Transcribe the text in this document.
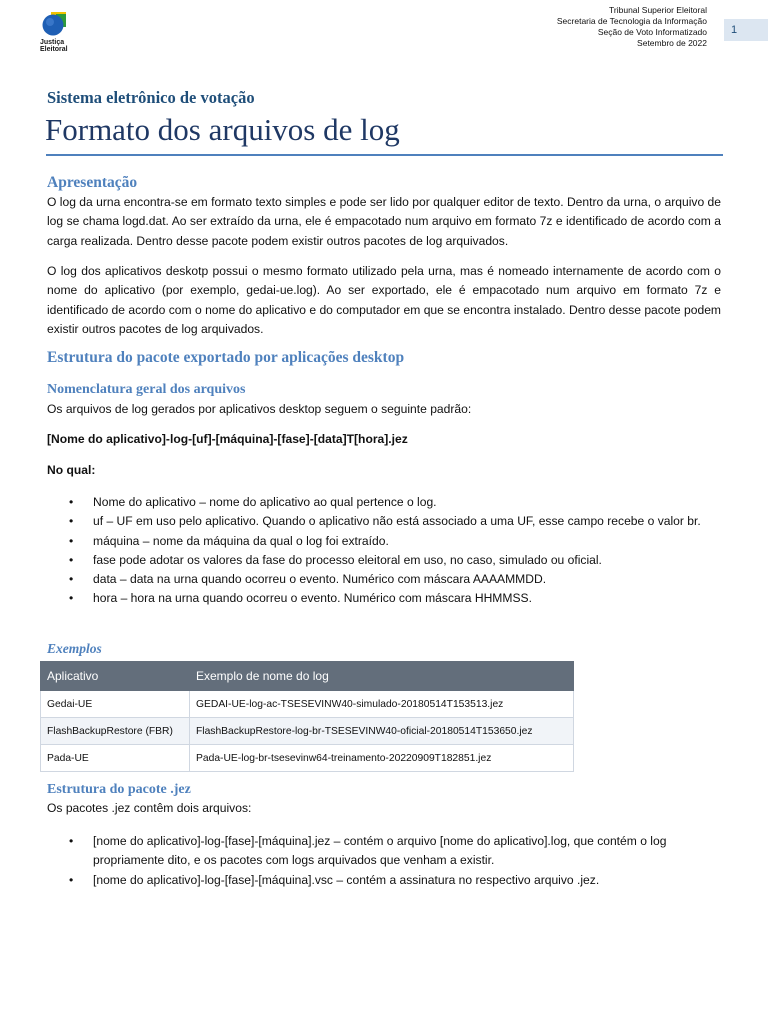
Justiça
Eleitoral
Tribunal Superior Eleitoral
Secretaria de Tecnologia da Informação
Seção de Voto Informatizado
Setembro de 2022
1
Sistema eletrônico de votação
Formato dos arquivos de log
Apresentação
O log da urna encontra-se em formato texto simples e pode ser lido por qualquer editor de texto. Dentro da urna, o arquivo de log se chama logd.dat. Ao ser extraído da urna, ele é empacotado num arquivo em formato 7z e identificado de acordo com a carga realizada. Dentro desse pacote podem existir outros pacotes de log arquivados.
O log dos aplicativos deskotp possui o mesmo formato utilizado pela urna, mas é nomeado internamente de acordo com o nome do aplicativo (por exemplo, gedai-ue.log). Ao ser exportado, ele é empacotado num arquivo em formato 7z e identificado de acordo com o nome do aplicativo e do computador em que se encontra instalado. Dentro desse pacote podem existir outros pacotes de log arquivados.
Estrutura do pacote exportado por aplicações desktop
Nomenclatura geral dos arquivos
Os arquivos de log gerados por aplicativos desktop seguem o seguinte padrão:
[Nome do aplicativo]-log-[uf]-[máquina]-[fase]-[data]T[hora].jez
No qual:
• Nome do aplicativo – nome do aplicativo ao qual pertence o log.
• uf – UF em uso pelo aplicativo. Quando o aplicativo não está associado a uma UF, esse campo recebe o valor br.
• máquina – nome da máquina da qual o log foi extraído.
• fase pode adotar os valores da fase do processo eleitoral em uso, no caso, simulado ou oficial.
• data – data na urna quando ocorreu o evento. Numérico com máscara AAAAMMDD.
• hora – hora na urna quando ocorreu o evento. Numérico com máscara HHMMSS.
Exemplos
Aplicativo	Exemplo de nome do log
Gedai-UE	GEDAI-UE-log-ac-TSESEVINW40-simulado-20180514T153513.jez
FlashBackupRestore (FBR)	FlashBackupRestore-log-br-TSESEVINW40-oficial-20180514T153650.jez
Pada-UE	Pada-UE-log-br-tsesevinw64-treinamento-20220909T182851.jez
Estrutura do pacote .jez
Os pacotes .jez contêm dois arquivos:
• [nome do aplicativo]-log-[fase]-[máquina].jez – contém o arquivo [nome do aplicativo].log, que contém o log propriamente dito, e os pacotes com logs arquivados que venham a existir.
• [nome do aplicativo]-log-[fase]-[máquina].vsc – contém a assinatura no respectivo arquivo .jez.
